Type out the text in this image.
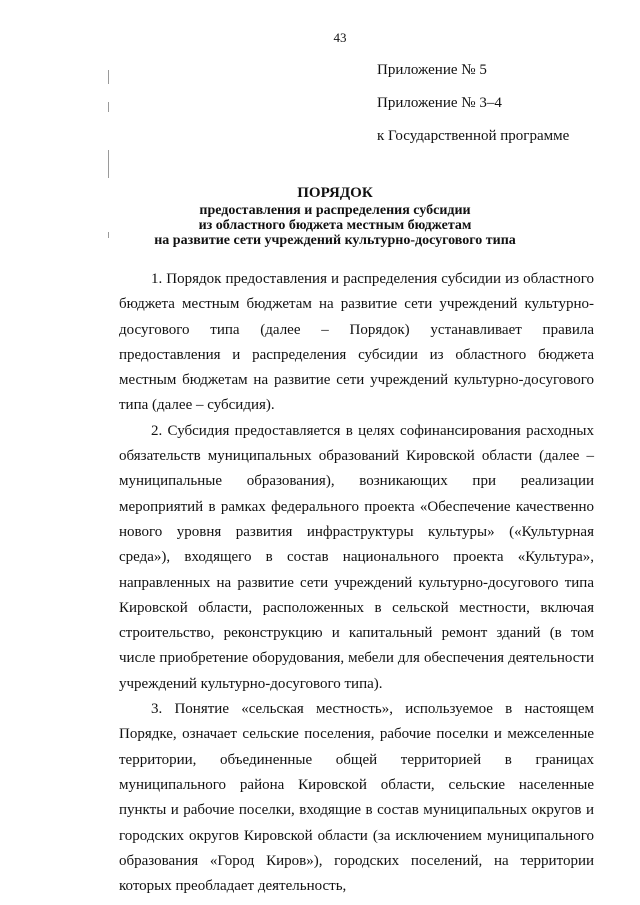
43
Приложение № 5
Приложение № 3–4
к Государственной программе
ПОРЯДОК
предоставления и распределения субсидии
из областного бюджета местным бюджетам
на развитие сети учреждений культурно-досугового типа

1. Порядок предоставления и распределения субсидии из областного бюджета местным бюджетам на развитие сети учреждений культурно-досугового типа (далее – Порядок) устанавливает правила предоставления и распределения субсидии из областного бюджета местным бюджетам на развитие сети учреждений культурно-досугового типа (далее – субсидия).

2. Субсидия предоставляется в целях софинансирования расходных обязательств муниципальных образований Кировской области (далее – муниципальные образования), возникающих при реализации мероприятий в рамках федерального проекта «Обеспечение качественно нового уровня развития инфраструктуры культуры» («Культурная среда»), входящего в состав национального проекта «Культура», направленных на развитие сети учреждений культурно-досугового типа Кировской области, расположенных в сельской местности, включая строительство, реконструкцию и капитальный ремонт зданий (в том числе приобретение оборудования, мебели для обеспечения деятельности учреждений культурно-досугового типа).

3. Понятие «сельская местность», используемое в настоящем Порядке, означает сельские поселения, рабочие поселки и межселенные территории, объединенные общей территорией в границах муниципального района Кировской области, сельские населенные пункты и рабочие поселки, входящие в состав муниципальных округов и городских округов Кировской области (за исключением муниципального образования «Город Киров»), городских поселений, на территории которых преобладает деятельность,
